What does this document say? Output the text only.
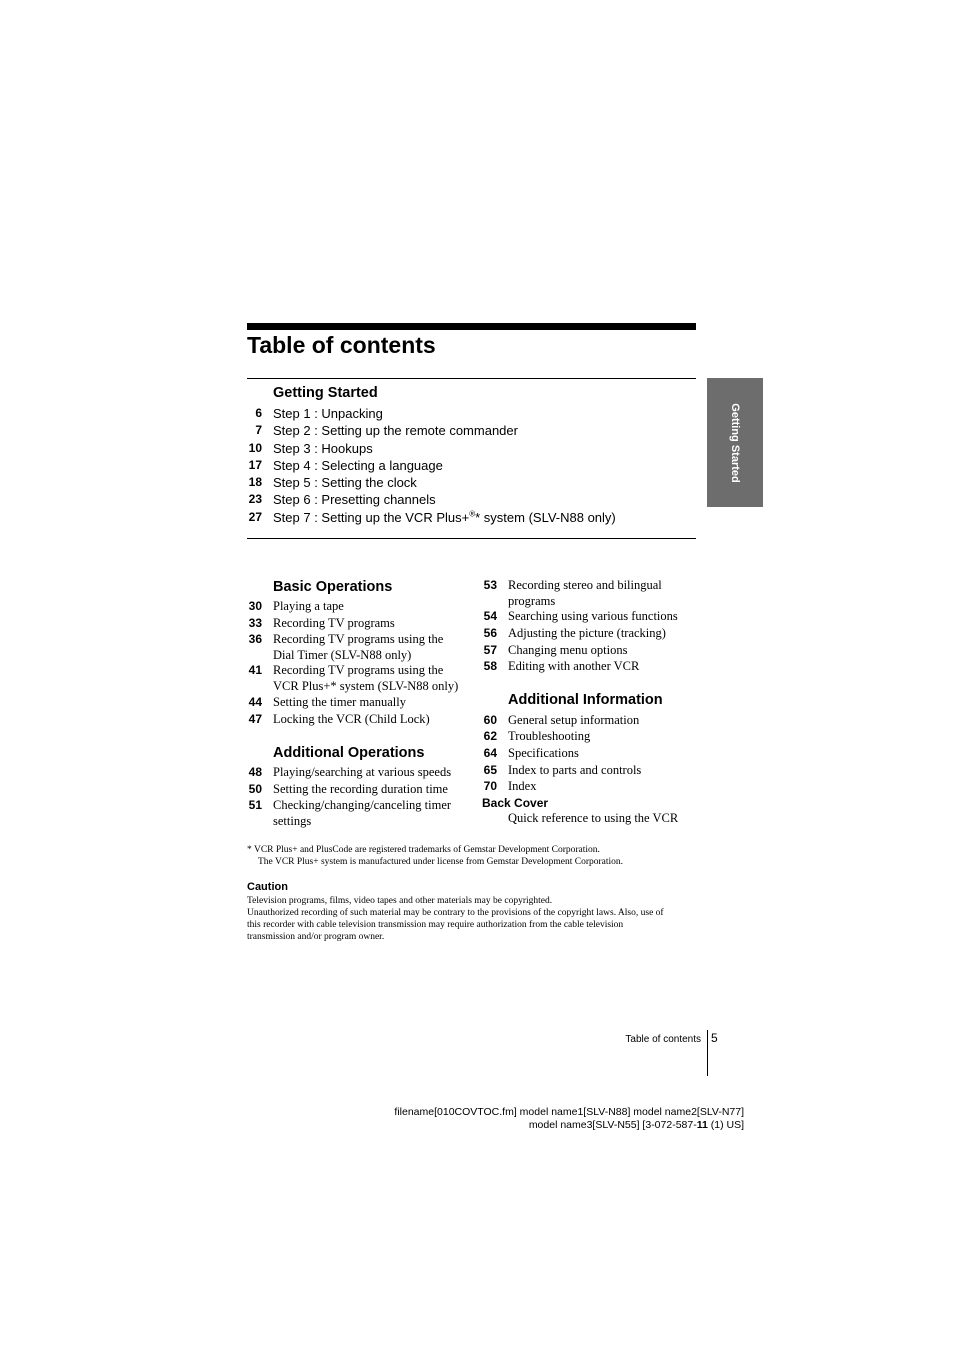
Table of contents
Getting Started
Getting Started
6 Step 1 : Unpacking
7 Step 2 : Setting up the remote commander
10 Step 3 : Hookups
17 Step 4 : Selecting a language
18 Step 5 : Setting the clock
23 Step 6 : Presetting channels
27 Step 7 : Setting up the VCR Plus+®* system (SLV-N88 only)
Basic Operations
30 Playing a tape
33 Recording TV programs
36 Recording TV programs using the Dial Timer (SLV-N88 only)
41 Recording TV programs using the VCR Plus+* system (SLV-N88 only)
44 Setting the timer manually
47 Locking the VCR (Child Lock)
Additional Operations
48 Playing/searching at various speeds
50 Setting the recording duration time
51 Checking/changing/canceling timer settings
53 Recording stereo and bilingual programs
54 Searching using various functions
56 Adjusting the picture (tracking)
57 Changing menu options
58 Editing with another VCR
Additional Information
60 General setup information
62 Troubleshooting
64 Specifications
65 Index to parts and controls
70 Index
Back Cover
Quick reference to using the VCR
* VCR Plus+ and PlusCode are registered trademarks of Gemstar Development Corporation.
The VCR Plus+ system is manufactured under license from Gemstar Development Corporation.
Caution
Television programs, films, video tapes and other materials may be copyrighted.
Unauthorized recording of such material may be contrary to the provisions of the copyright laws. Also, use of
this recorder with cable television transmission may require authorization from the cable television
transmission and/or program owner.
Table of contents 5
filename[010COVTOC.fm] model name1[SLV-N88] model name2[SLV-N77]
model name3[SLV-N55] [3-072-587-11 (1) US]
